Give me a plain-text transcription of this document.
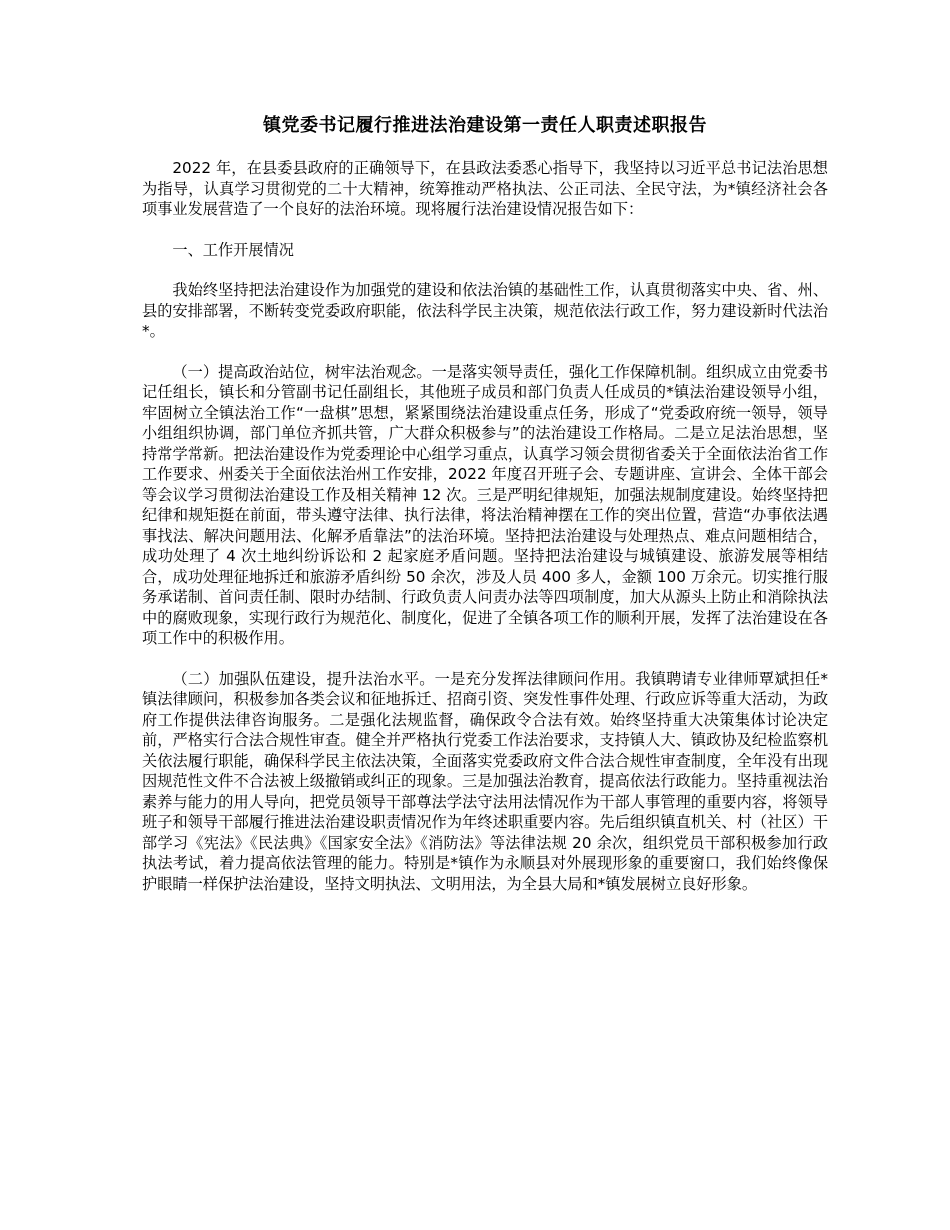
镇党委书记履行推进法治建设第一责任人职责述职报告

2022 年，在县委县政府的正确领导下，在县政法委悉心指导下，我坚持以习近平总书记法治思想为指导，认真学习贯彻党的二十大精神，统筹推动严格执法、公正司法、全民守法，为*镇经济社会各项事业发展营造了一个良好的法治环境。现将履行法治建设情况报告如下：

一、工作开展情况

我始终坚持把法治建设作为加强党的建设和依法治镇的基础性工作，认真贯彻落实中央、省、州、县的安排部署，不断转变党委政府职能，依法科学民主决策，规范依法行政工作，努力建设新时代法治*。

（一）提高政治站位，树牢法治观念。一是落实领导责任，强化工作保障机制。组织成立由党委书记任组长，镇长和分管副书记任副组长，其他班子成员和部门负责人任成员的*镇法治建设领导小组，牢固树立全镇法治工作“一盘棋”思想，紧紧围绕法治建设重点任务，形成了“党委政府统一领导，领导小组组织协调，部门单位齐抓共管，广大群众积极参与”的法治建设工作格局。二是立足法治思想，坚持常学常新。把法治建设作为党委理论中心组学习重点，认真学习领会贯彻省委关于全面依法治省工作工作要求、州委关于全面依法治州工作安排，2022 年度召开班子会、专题讲座、宣讲会、全体干部会等会议学习贯彻法治建设工作及相关精神 12 次。三是严明纪律规矩，加强法规制度建设。始终坚持把纪律和规矩挺在前面，带头遵守法律、执行法律，将法治精神摆在工作的突出位置，营造“办事依法遇事找法、解决问题用法、化解矛盾靠法”的法治环境。坚持把法治建设与处理热点、难点问题相结合，成功处理了 4 次土地纠纷诉讼和 2 起家庭矛盾问题。坚持把法治建设与城镇建设、旅游发展等相结合，成功处理征地拆迁和旅游矛盾纠纷 50 余次，涉及人员 400 多人，金额 100 万余元。切实推行服务承诺制、首问责任制、限时办结制、行政负责人问责办法等四项制度，加大从源头上防止和消除执法中的腐败现象，实现行政行为规范化、制度化，促进了全镇各项工作的顺利开展，发挥了法治建设在各项工作中的积极作用。

（二）加强队伍建设，提升法治水平。一是充分发挥法律顾问作用。我镇聘请专业律师覃斌担任*镇法律顾问，积极参加各类会议和征地拆迁、招商引资、突发性事件处理、行政应诉等重大活动，为政府工作提供法律咨询服务。二是强化法规监督，确保政令合法有效。始终坚持重大决策集体讨论决定前，严格实行合法合规性审查。健全并严格执行党委工作法治要求，支持镇人大、镇政协及纪检监察机关依法履行职能，确保科学民主依法决策，全面落实党委政府文件合法合规性审查制度，全年没有出现因规范性文件不合法被上级撤销或纠正的现象。三是加强法治教育，提高依法行政能力。坚持重视法治素养与能力的用人导向，把党员领导干部尊法学法守法用法情况作为干部人事管理的重要内容，将领导班子和领导干部履行推进法治建设职责情况作为年终述职重要内容。先后组织镇直机关、村（社区）干部学习《宪法》《民法典》《国家安全法》《消防法》等法律法规 20 余次，组织党员干部积极参加行政执法考试，着力提高依法管理的能力。特别是*镇作为永顺县对外展现形象的重要窗口，我们始终像保护眼睛一样保护法治建设，坚持文明执法、文明用法，为全县大局和*镇发展树立良好形象。
